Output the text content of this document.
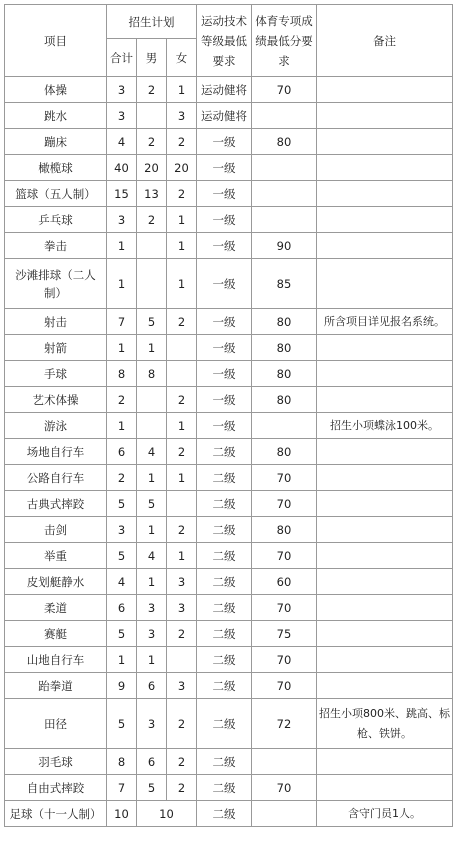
项目	招生计划			运动技术等级最低要求	体育专项成绩最低分要求	备注
	合计	男	女			
体操	3	2	1	运动健将	70	
跳水	3		3	运动健将		
蹦床	4	2	2	一级	80	
橄榄球	40	20	20	一级		
篮球（五人制）	15	13	2	一级		
乒乓球	3	2	1	一级		
拳击	1		1	一级	90	
沙滩排球（二人制）	1		1	一级	85	
射击	7	5	2	一级	80	所含项目详见报名系统。
射箭	1	1		一级	80	
手球	8	8		一级	80	
艺术体操	2		2	一级	80	
游泳	1		1	一级		招生小项蝶泳100米。
场地自行车	6	4	2	二级	80	
公路自行车	2	1	1	二级	70	
古典式摔跤	5	5		二级	70	
击剑	3	1	2	二级	80	
举重	5	4	1	二级	70	
皮划艇静水	4	1	3	二级	60	
柔道	6	3	3	二级	70	
赛艇	5	3	2	二级	75	
山地自行车	1	1		二级	70	
跆拳道	9	6	3	二级	70	
田径	5	3	2	二级	72	招生小项800米、跳高、标枪、铁饼。
羽毛球	8	6	2	二级		
自由式摔跤	7	5	2	二级	70	
足球（十一人制）	10	10		二级		含守门员1人。
